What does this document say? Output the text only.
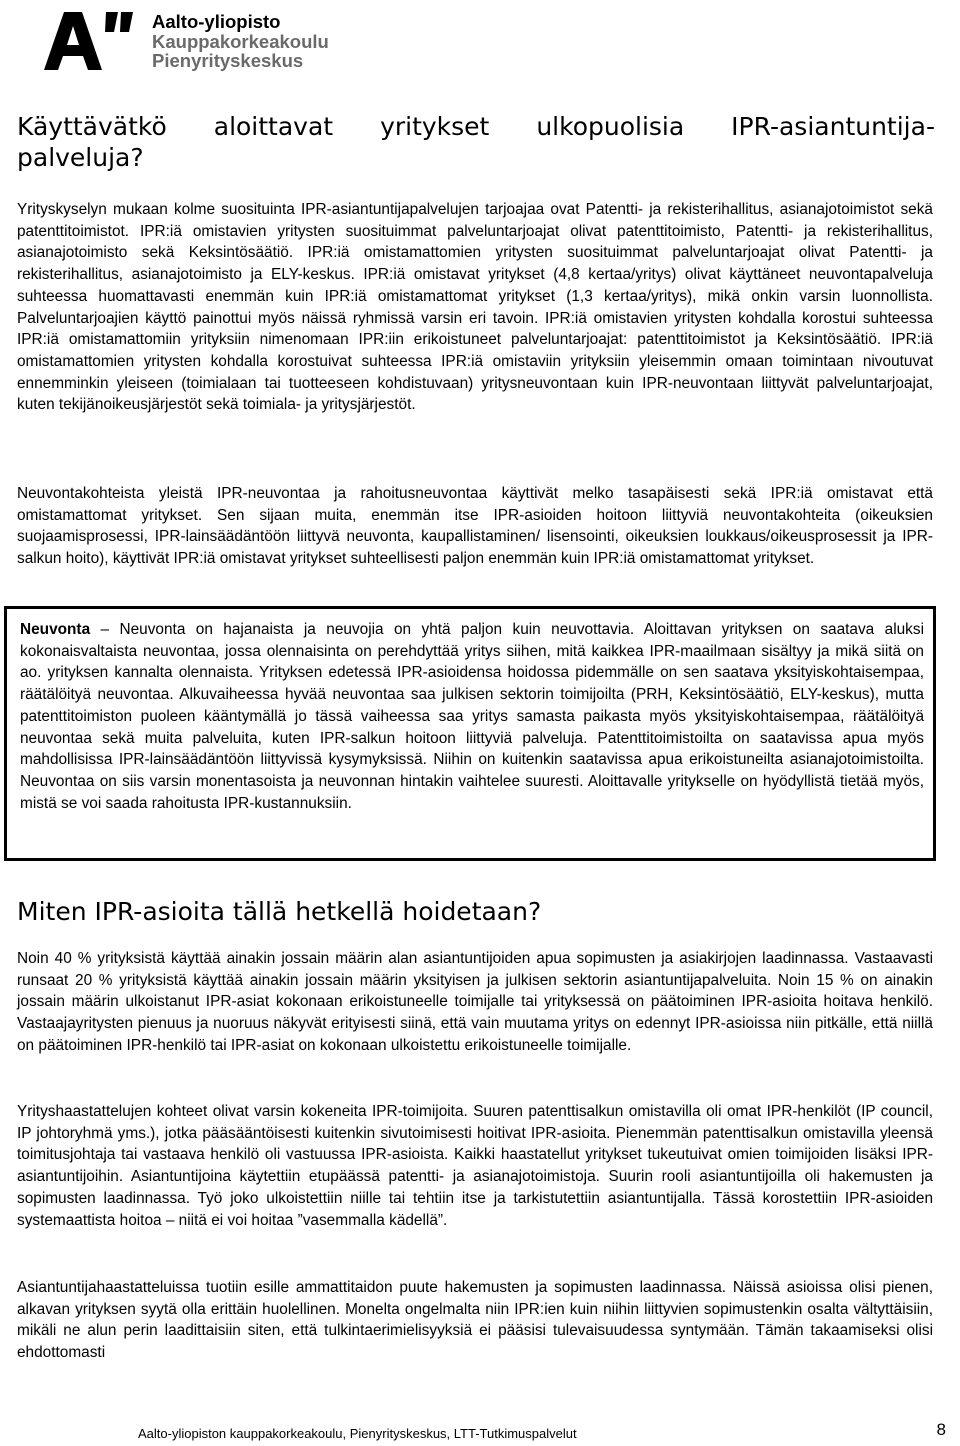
Aalto-yliopisto
Kauppakorkeakoulu
Pienyrityskeskus
Käyttävätkö aloittavat yritykset ulkopuolisia IPR-asiantuntija-
palveluja?

Yrityskyselyn mukaan kolme suosituinta IPR-asiantuntijapalvelujen tarjoajaa ovat Patentti- ja rekisterihallitus, asianajotoimistot sekä patenttitoimistot. IPR:iä omistavien yritysten suosituimmat palveluntarjoajat olivat patenttitoimisto, Patentti- ja rekisterihallitus, asianajotoimisto sekä Keksintösäätiö. IPR:iä omistamattomien yritysten suosituimmat palveluntarjoajat olivat Patentti- ja rekisterihallitus, asianajotoimisto ja ELY-keskus. IPR:iä omistavat yritykset (4,8 kertaa/yritys) olivat käyttäneet neuvontapalveluja suhteessa huomattavasti enemmän kuin IPR:iä omistamattomat yritykset (1,3 kertaa/yritys), mikä onkin varsin luonnollista. Palveluntarjoajien käyttö painottui myös näissä ryhmissä varsin eri tavoin. IPR:iä omistavien yritysten kohdalla korostui suhteessa IPR:iä omistamattomiin yrityksiin nimenomaan IPR:iin erikoistuneet palveluntarjoajat: patenttitoimistot ja Keksintösäätiö. IPR:iä omistamattomien yritysten kohdalla korostuivat suhteessa IPR:iä omistaviin yrityksiin yleisemmin omaan toimintaan nivoutuvat ennemminkin yleiseen (toimialaan tai tuotteeseen kohdistuvaan) yritysneuvontaan kuin IPR-neuvontaan liittyvät palveluntarjoajat, kuten tekijänoikeusjärjestöt sekä toimiala- ja yritysjärjestöt.

Neuvontakohteista yleistä IPR-neuvontaa ja rahoitusneuvontaa käyttivät melko tasapäisesti sekä IPR:iä omistavat että omistamattomat yritykset. Sen sijaan muita, enemmän itse IPR-asioiden hoitoon liittyviä neuvontakohteita (oikeuksien suojaamisprosessi, IPR-lainsäädäntöön liittyvä neuvonta, kaupallistaminen/ lisensointi, oikeuksien loukkaus/oikeusprosessit ja IPR-salkun hoito), käyttivät IPR:iä omistavat yritykset suhteellisesti paljon enemmän kuin IPR:iä omistamattomat yritykset.

Neuvonta – Neuvonta on hajanaista ja neuvojia on yhtä paljon kuin neuvottavia. Aloittavan yrityksen on saatava aluksi kokonaisvaltaista neuvontaa, jossa olennaisinta on perehdyttää yritys siihen, mitä kaikkea IPR-maailmaan sisältyy ja mikä siitä on ao. yrityksen kannalta olennaista. Yrityksen edetessä IPR-asioidensa hoidossa pidemmälle on sen saatava yksityiskohtaisempaa, räätälöityä neuvontaa. Alkuvaiheessa hyvää neuvontaa saa julkisen sektorin toimijoilta (PRH, Keksintösäätiö, ELY-keskus), mutta patenttitoimiston puoleen kääntymällä jo tässä vaiheessa saa yritys samasta paikasta myös yksityiskohtaisempaa, räätälöityä neuvontaa sekä muita palveluita, kuten IPR-salkun hoitoon liittyviä palveluja. Patenttitoimistoilta on saatavissa apua myös mahdollisissa IPR-lainsäädäntöön liittyvissä kysymyksissä. Niihin on kuitenkin saatavissa apua erikoistuneilta asianajotoimistoilta. Neuvontaa on siis varsin monentasoista ja neuvonnan hintakin vaihtelee suuresti. Aloittavalle yritykselle on hyödyllistä tietää myös, mistä se voi saada rahoitusta IPR-kustannuksiin.

Miten IPR-asioita tällä hetkellä hoidetaan?

Noin 40 % yrityksistä käyttää ainakin jossain määrin alan asiantuntijoiden apua sopimusten ja asiakirjojen laadinnassa. Vastaavasti runsaat 20 % yrityksistä käyttää ainakin jossain määrin yksityisen ja julkisen sektorin asiantuntijapalveluita. Noin 15 % on ainakin jossain määrin ulkoistanut IPR-asiat kokonaan erikoistuneelle toimijalle tai yrityksessä on päätoiminen IPR-asioita hoitava henkilö. Vastaajayritysten pienuus ja nuoruus näkyvät erityisesti siinä, että vain muutama yritys on edennyt IPR-asioissa niin pitkälle, että niillä on päätoiminen IPR-henkilö tai IPR-asiat on kokonaan ulkoistettu erikoistuneelle toimijalle.

Yrityshaastattelujen kohteet olivat varsin kokeneita IPR-toimijoita. Suuren patenttisalkun omistavilla oli omat IPR-henkilöt (IP council, IP johtoryhmä yms.), jotka pääsääntöisesti kuitenkin sivutoimisesti hoitivat IPR-asioita. Pienemmän patenttisalkun omistavilla yleensä toimitusjohtaja tai vastaava henkilö oli vastuussa IPR-asioista. Kaikki haastatellut yritykset tukeutuivat omien toimijoiden lisäksi IPR-asiantuntijoihin. Asiantuntijoina käytettiin etupäässä patentti- ja asianajotoimistoja. Suurin rooli asiantuntijoilla oli hakemusten ja sopimusten laadinnassa. Työ joko ulkoistettiin niille tai tehtiin itse ja tarkistutettiin asiantuntijalla. Tässä korostettiin IPR-asioiden systemaattista hoitoa – niitä ei voi hoitaa ”vasemmalla kädellä”.

Asiantuntijahaastatteluissa tuotiin esille ammattitaidon puute hakemusten ja sopimusten laadinnassa. Näissä asioissa olisi pienen, alkavan yrityksen syytä olla erittäin huolellinen. Monelta ongelmalta niin IPR:ien kuin niihin liittyvien sopimustenkin osalta vältyttäisiin, mikäli ne alun perin laadittaisiin siten, että tulkintaerimielisyyksiä ei pääsisi tulevaisuudessa syntymään. Tämän takaamiseksi olisi ehdottomasti

Aalto-yliopiston kauppakorkeakoulu, Pienyrityskeskus, LTT-Tutkimuspalvelut	8
